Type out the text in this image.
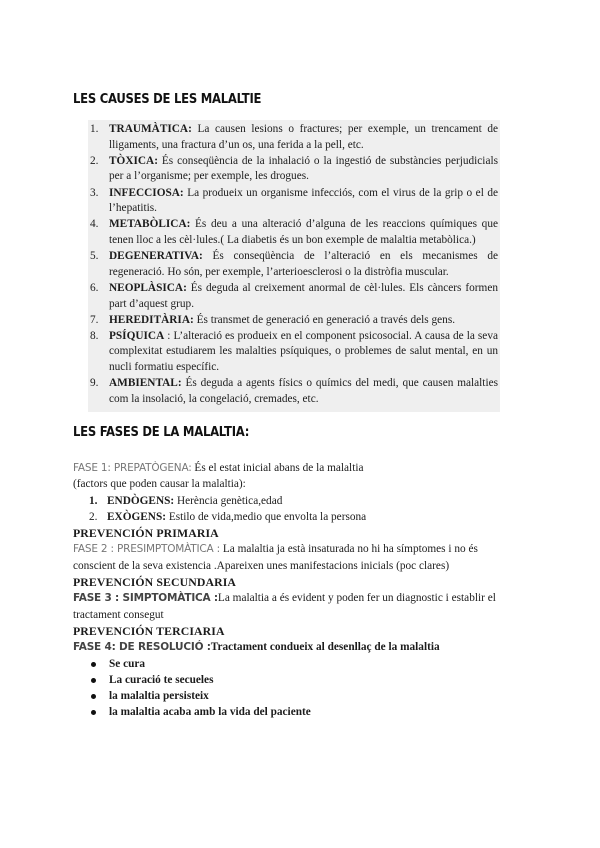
LES CAUSES DE LES MALALTIE
1. TRAUMÀTICA: La causen lesions o fractures; per exemple, un trencament de lligaments, una fractura d’un os, una ferida a la pell, etc.
2. TÒXICA: És conseqüència de la inhalació o la ingestió de substàncies perjudicials per a l’organisme; per exemple, les drogues.
3. INFECCIOSA: La produeix un organisme infecciós, com el virus de la grip o el de l’hepatitis.
4. METABÒLICA: És deu a una alteració d’alguna de les reaccions químiques que tenen lloc a les cèl·lules.( La diabetis és un bon exemple de malaltia metabòlica.)
5. DEGENERATIVA: És conseqüència de l’alteració en els mecanismes de regeneració. Ho són, per exemple, l’arterioesclerosi o la distròfia muscular.
6. NEOPLÀSICA: És deguda al creixement anormal de cèl·lules. Els càncers formen part d’aquest grup.
7. HEREDITÀRIA: És transmet de generació en generació a través dels gens.
8. PSÍQUICA : L’alteració es produeix en el component psicosocial. A causa de la seva complexitat estudiarem les malalties psíquiques, o problemes de salut mental, en un nucli formatiu específic.
9. AMBIENTAL: És deguda a agents físics o químics del medi, que causen malalties com la insolació, la congelació, cremades, etc.
LES FASES DE LA MALALTIA:
FASE 1: PREPATÒGENA: És el estat inicial abans de la malaltia
(factors que poden causar la malaltia):
1. ENDÒGENS: Herència genètica,edad
2. EXÒGENS: Estilo de vida,medio que envolta la persona
PREVENCIÓN PRIMARIA
FASE 2 : PRESIMPTOMÀTICA : La malaltia ja està insaturada no hi ha símptomes i no és
conscient de la seva existencia .Apareixen unes manifestacions inicials (poc clares)
PREVENCIÓN SECUNDARIA
FASE 3 : SIMPTOMÀTICA :La malaltia a és evident y poden fer un diagnostic i establir el
tractament consegut
PREVENCIÓN TERCIARIA
FASE 4: DE RESOLUCIÓ :Tractament condueix al desenllaç de la malaltia
Se cura
La curació te secueles
la malaltia persisteix
la malaltia acaba amb la vida del paciente
